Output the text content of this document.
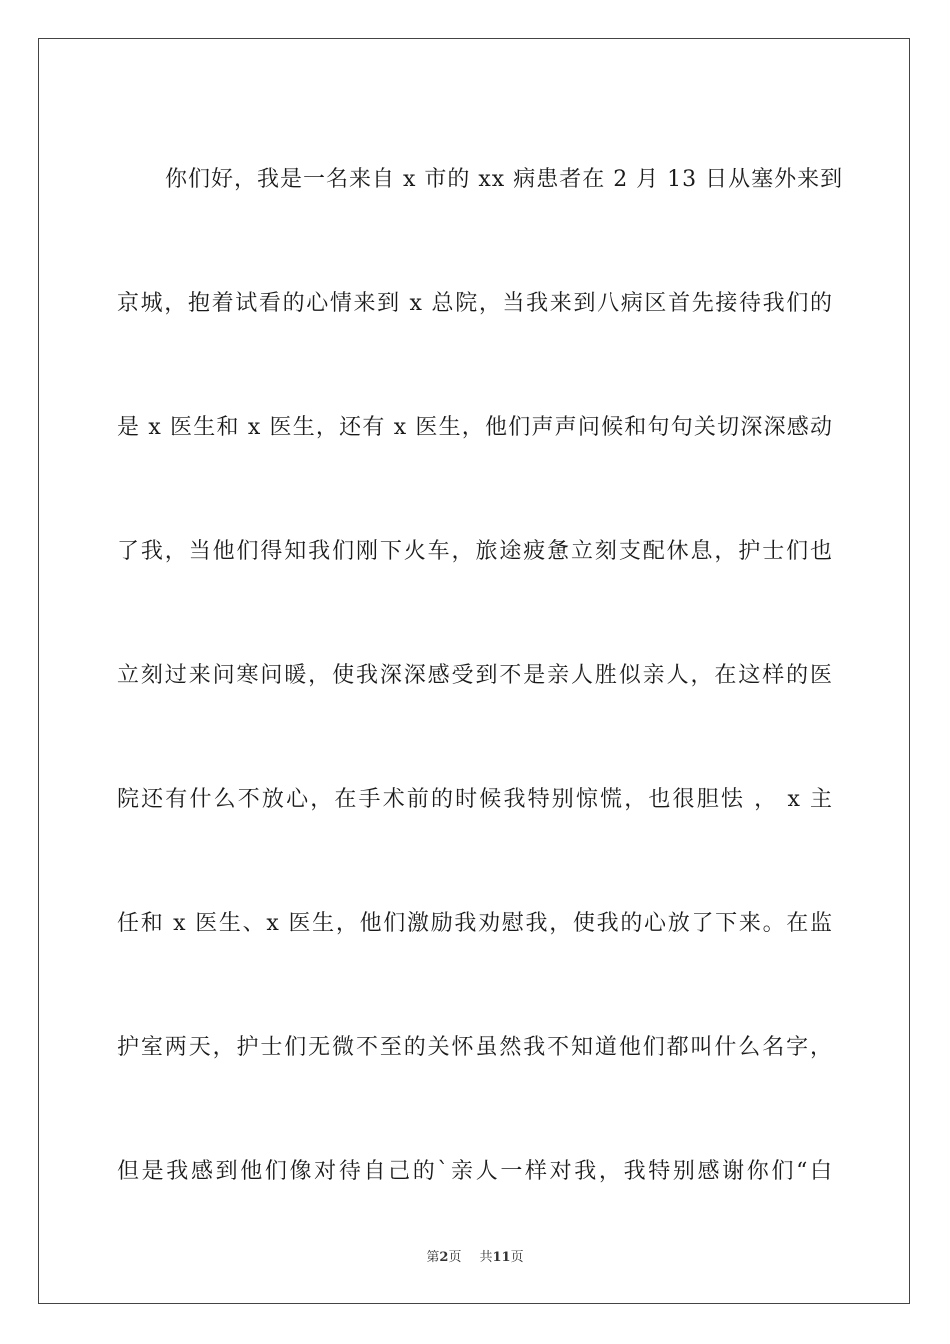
你们好，我是一名来自 x 市的 xx 病患者在 2 月 13 日从塞外来到
京城，抱着试看的心情来到 x 总院，当我来到八病区首先接待我们的
是 x 医生和 x 医生，还有 x 医生，他们声声问候和句句关切深深感动
了我，当他们得知我们刚下火车，旅途疲惫立刻支配休息，护士们也
立刻过来问寒问暖，使我深深感受到不是亲人胜似亲人，在这样的医
院还有什么不放心，在手术前的时候我特别惊慌，也很胆怯 ， x 主
任和 x 医生、x 医生，他们激励我劝慰我，使我的心放了下来。在监
护室两天，护士们无微不至的关怀虽然我不知道他们都叫什么名字，
但是我感到他们像对待自己的`亲人一样对我，我特别感谢你们“白
第2页 共11页
